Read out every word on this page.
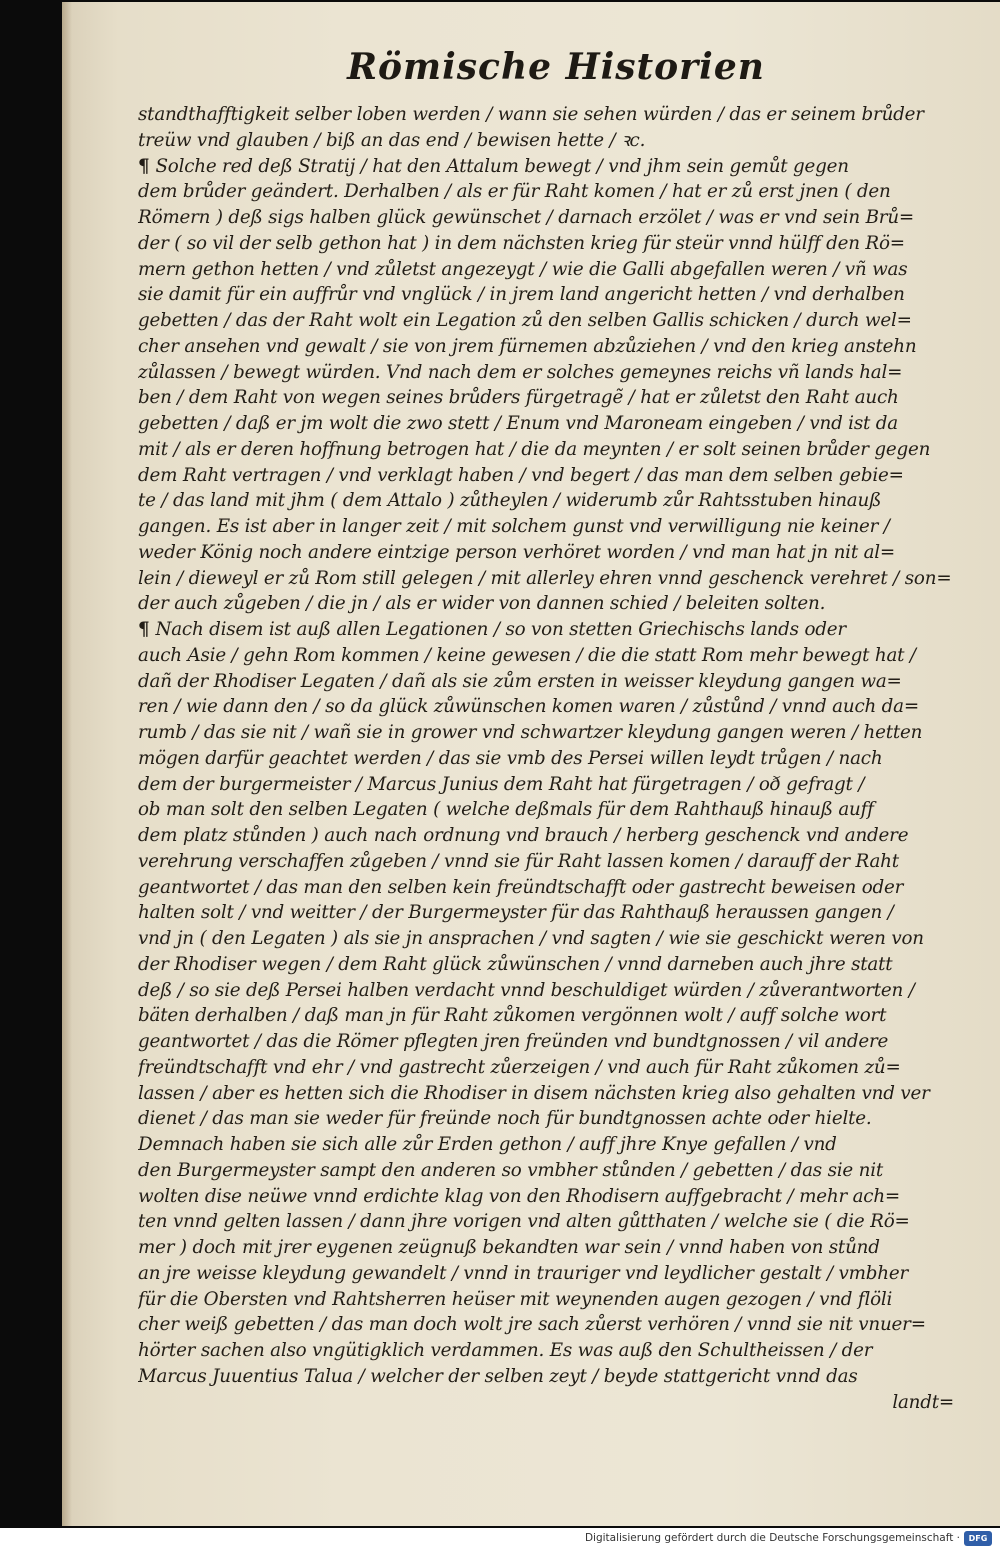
Römische Historien
standthafftigkeit selber loben werden / wann sie sehen würden / das er seinem brůder
treüw vnd glauben / biß an das end / bewisen hette / ꝛc.
¶ Solche red deß Stratij / hat den Attalum bewegt / vnd jhm sein gemůt gegen
dem brůder geändert. Derhalben / als er für Raht komen / hat er zů erst jnen ( den
Römern ) deß sigs halben glück gewünschet / darnach erzölet / was er vnd sein Brů=
der ( so vil der selb gethon hat ) in dem nächsten krieg für steür vnnd hülff den Rö=
mern gethon hetten / vnd zůletst angezeygt / wie die Galli abgefallen weren / vñ was
sie damit für ein auffrůr vnd vnglück / in jrem land angericht hetten / vnd derhalben
gebetten / das der Raht wolt ein Legation zů den selben Gallis schicken / durch wel=
cher ansehen vnd gewalt / sie von jrem fürnemen abzůziehen / vnd den krieg anstehn
zůlassen / bewegt würden. Vnd nach dem er solches gemeynes reichs vñ lands hal=
ben / dem Raht von wegen seines brůders fürgetragẽ / hat er zůletst den Raht auch
gebetten / daß er jm wolt die zwo stett / Enum vnd Maroneam eingeben / vnd ist da
mit / als er deren hoffnung betrogen hat / die da meynten / er solt seinen brůder gegen
dem Raht vertragen / vnd verklagt haben / vnd begert / das man dem selben gebie=
te / das land mit jhm ( dem Attalo ) zůtheylen / widerumb zůr Rahtsstuben hinauß
gangen. Es ist aber in langer zeit / mit solchem gunst vnd verwilligung nie keiner /
weder König noch andere eintzige person verhöret worden / vnd man hat jn nit al=
lein / dieweyl er zů Rom still gelegen / mit allerley ehren vnnd geschenck verehret / son=
der auch zůgeben / die jn / als er wider von dannen schied / beleiten solten.
¶ Nach disem ist auß allen Legationen / so von stetten Griechischs lands oder
auch Asie / gehn Rom kommen / keine gewesen / die die statt Rom mehr bewegt hat /
dañ der Rhodiser Legaten / dañ als sie zům ersten in weisser kleydung gangen wa=
ren / wie dann den / so da glück zůwünschen komen waren / zůstůnd / vnnd auch da=
rumb / das sie nit / wañ sie in grower vnd schwartzer kleydung gangen weren / hetten
mögen darfür geachtet werden / das sie vmb des Persei willen leydt trůgen / nach
dem der burgermeister / Marcus Junius dem Raht hat fürgetragen / oð gefragt /
ob man solt den selben Legaten ( welche deßmals für dem Rahthauß hinauß auff
dem platz stůnden ) auch nach ordnung vnd brauch / herberg geschenck vnd andere
verehrung verschaffen zůgeben / vnnd sie für Raht lassen komen / darauff der Raht
geantwortet / das man den selben kein freündtschafft oder gastrecht beweisen oder
halten solt / vnd weitter / der Burgermeyster für das Rahthauß heraussen gangen /
vnd jn ( den Legaten ) als sie jn ansprachen / vnd sagten / wie sie geschickt weren von
der Rhodiser wegen / dem Raht glück zůwünschen / vnnd darneben auch jhre statt
deß / so sie deß Persei halben verdacht vnnd beschuldiget würden / zůverantworten /
bäten derhalben / daß man jn für Raht zůkomen vergönnen wolt / auff solche wort
geantwortet / das die Römer pflegten jren freünden vnd bundtgnossen / vil andere
freündtschafft vnd ehr / vnd gastrecht zůerzeigen / vnd auch für Raht zůkomen zů=
lassen / aber es hetten sich die Rhodiser in disem nächsten krieg also gehalten vnd ver
dienet / das man sie weder für freünde noch für bundtgnossen achte oder hielte.
Demnach haben sie sich alle zůr Erden gethon / auff jhre Knye gefallen / vnd
den Burgermeyster sampt den anderen so vmbher stůnden / gebetten / das sie nit
wolten dise neüwe vnnd erdichte klag von den Rhodisern auffgebracht / mehr ach=
ten vnnd gelten lassen / dann jhre vorigen vnd alten gůtthaten / welche sie ( die Rö=
mer ) doch mit jrer eygenen zeügnuß bekandten war sein / vnnd haben von stůnd
an jre weisse kleydung gewandelt / vnnd in trauriger vnd leydlicher gestalt / vmbher
für die Obersten vnd Rahtsherren heüser mit weynenden augen gezogen / vnd flöli
cher weiß gebetten / das man doch wolt jre sach zůerst verhören / vnnd sie nit vnuer=
hörter sachen also vngütigklich verdammen. Es was auß den Schultheissen / der
Marcus Juuentius Talua / welcher der selben zeyt / beyde stattgericht vnnd das
landt=
Digitalisierung gefördert durch die Deutsche Forschungsgemeinschaft ·	DFG
